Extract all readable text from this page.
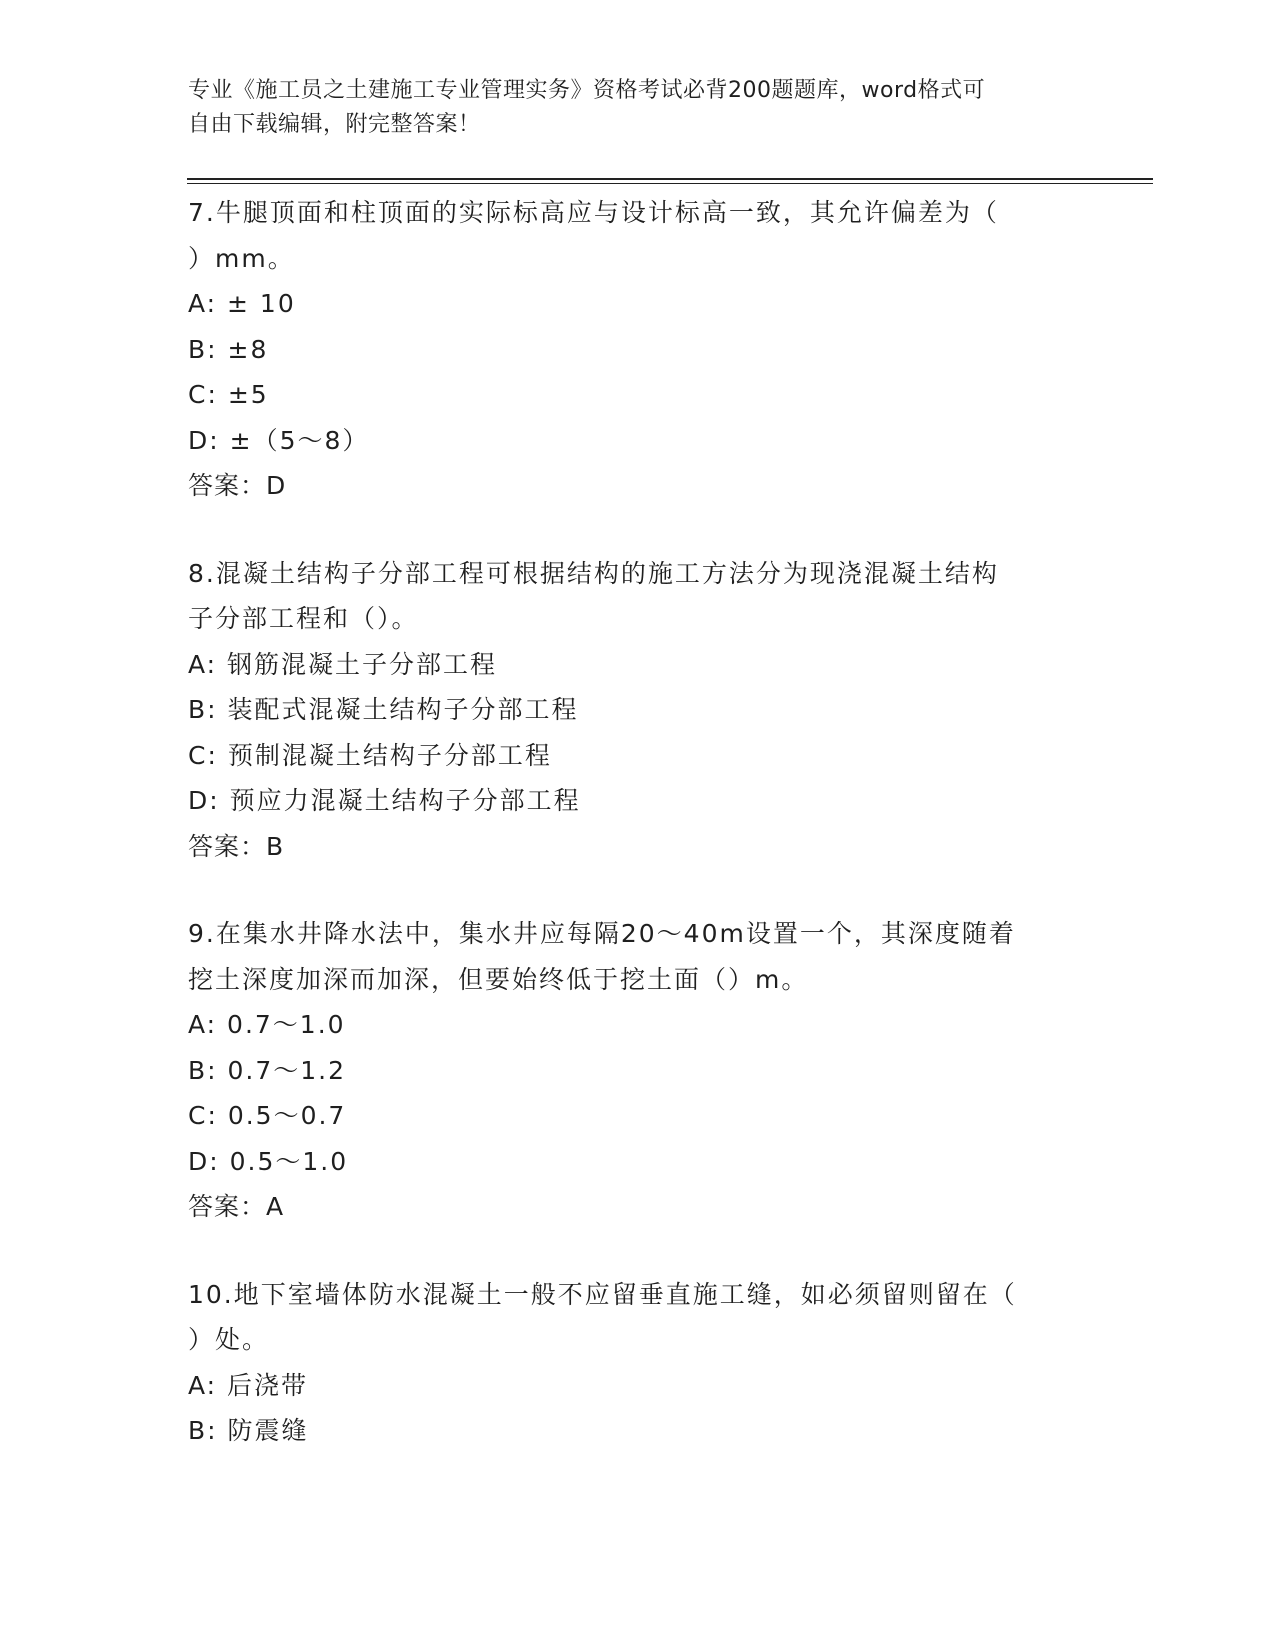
专业《施工员之土建施工专业管理实务》资格考试必背200题题库，word格式可
自由下载编辑，附完整答案！
7.牛腿顶面和柱顶面的实际标高应与设计标高一致，其允许偏差为（
）mm。
A: ± 10
B: ±8
C: ±5
D: ±（5～8）
答案：D
8.混凝土结构子分部工程可根据结构的施工方法分为现浇混凝土结构
子分部工程和（）。
A: 钢筋混凝土子分部工程
B: 装配式混凝土结构子分部工程
C: 预制混凝土结构子分部工程
D: 预应力混凝土结构子分部工程
答案：B
9.在集水井降水法中，集水井应每隔20～40m设置一个，其深度随着
挖土深度加深而加深，但要始终低于挖土面（）m。
A: 0.7～1.0
B: 0.7～1.2
C: 0.5～0.7
D: 0.5～1.0
答案：A
10.地下室墙体防水混凝土一般不应留垂直施工缝，如必须留则留在（
）处。
A: 后浇带
B: 防震缝
